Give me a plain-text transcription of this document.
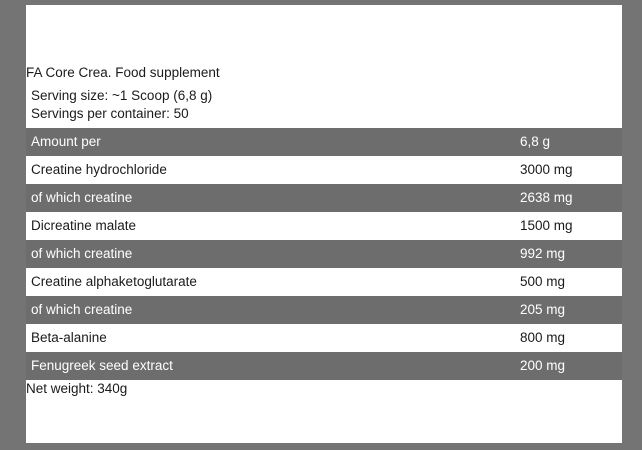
FA Core Crea. Food supplement
Serving size: ~1 Scoop (6,8 g)
Servings per container: 50
Amount per	6,8 g
Creatine hydrochloride	3000 mg
of which creatine	2638 mg
Dicreatine malate	1500 mg
of which creatine	992 mg
Creatine alphaketoglutarate	500 mg
of which creatine	205 mg
Beta-alanine	800 mg
Fenugreek seed extract	200 mg
Net weight: 340g
